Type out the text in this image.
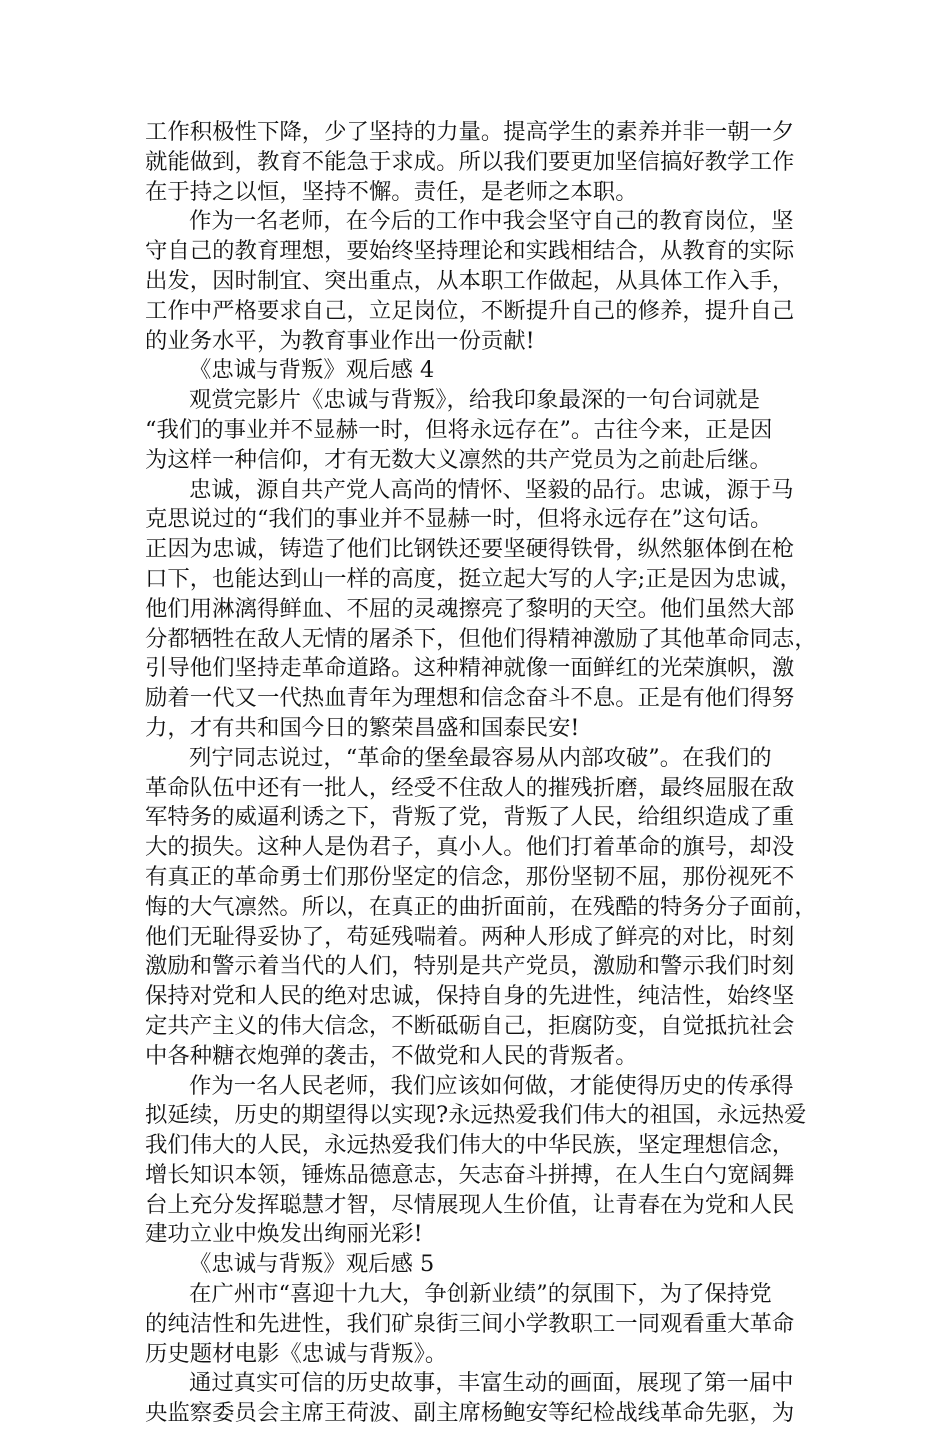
工作积极性下降，少了坚持的力量。提高学生的素养并非一朝一夕
就能做到，教育不能急于求成。所以我们要更加坚信搞好教学工作
在于持之以恒，坚持不懈。责任，是老师之本职。
作为一名老师，在今后的工作中我会坚守自己的教育岗位，坚
守自己的教育理想，要始终坚持理论和实践相结合，从教育的实际
出发，因时制宜、突出重点，从本职工作做起，从具体工作入手，
工作中严格要求自己，立足岗位，不断提升自己的修养，提升自己
的业务水平，为教育事业作出一份贡献!
《忠诚与背叛》观后感 4
观赏完影片《忠诚与背叛》，给我印象最深的一句台词就是
“我们的事业并不显赫一时，但将永远存在”。古往今来，正是因
为这样一种信仰，才有无数大义凛然的共产党员为之前赴后继。
忠诚，源自共产党人高尚的情怀、坚毅的品行。忠诚，源于马
克思说过的“我们的事业并不显赫一时，但将永远存在”这句话。
正因为忠诚，铸造了他们比钢铁还要坚硬得铁骨，纵然躯体倒在枪
口下，也能达到山一样的高度，挺立起大写的人字;正是因为忠诚，
他们用淋漓得鲜血、不屈的灵魂擦亮了黎明的天空。他们虽然大部
分都牺牲在敌人无情的屠杀下，但他们得精神激励了其他革命同志，
引导他们坚持走革命道路。这种精神就像一面鲜红的光荣旗帜，激
励着一代又一代热血青年为理想和信念奋斗不息。正是有他们得努
力，才有共和国今日的繁荣昌盛和国泰民安!
列宁同志说过，“革命的堡垒最容易从内部攻破”。在我们的
革命队伍中还有一批人，经受不住敌人的摧残折磨，最终屈服在敌
军特务的威逼利诱之下，背叛了党，背叛了人民，给组织造成了重
大的损失。这种人是伪君子，真小人。他们打着革命的旗号，却没
有真正的革命勇士们那份坚定的信念，那份坚韧不屈，那份视死不
悔的大气凛然。所以，在真正的曲折面前，在残酷的特务分子面前，
他们无耻得妥协了，苟延残喘着。两种人形成了鲜亮的对比，时刻
激励和警示着当代的人们，特别是共产党员，激励和警示我们时刻
保持对党和人民的绝对忠诚，保持自身的先进性，纯洁性，始终坚
定共产主义的伟大信念，不断砥砺自己，拒腐防变，自觉抵抗社会
中各种糖衣炮弹的袭击，不做党和人民的背叛者。
作为一名人民老师，我们应该如何做，才能使得历史的传承得
拟延续，历史的期望得以实现?永远热爱我们伟大的祖国，永远热爱
我们伟大的人民，永远热爱我们伟大的中华民族，坚定理想信念，
增长知识本领，锤炼品德意志，矢志奋斗拼搏，在人生白勺宽阔舞
台上充分发挥聪慧才智，尽情展现人生价值，让青春在为党和人民
建功立业中焕发出绚丽光彩!
《忠诚与背叛》观后感 5
在广州市“喜迎十九大，争创新业绩”的氛围下，为了保持党
的纯洁性和先进性，我们矿泉街三间小学教职工一同观看重大革命
历史题材电影《忠诚与背叛》。
通过真实可信的历史故事，丰富生动的画面，展现了第一届中
央监察委员会主席王荷波、副主席杨鲍安等纪检战线革命先驱，为
